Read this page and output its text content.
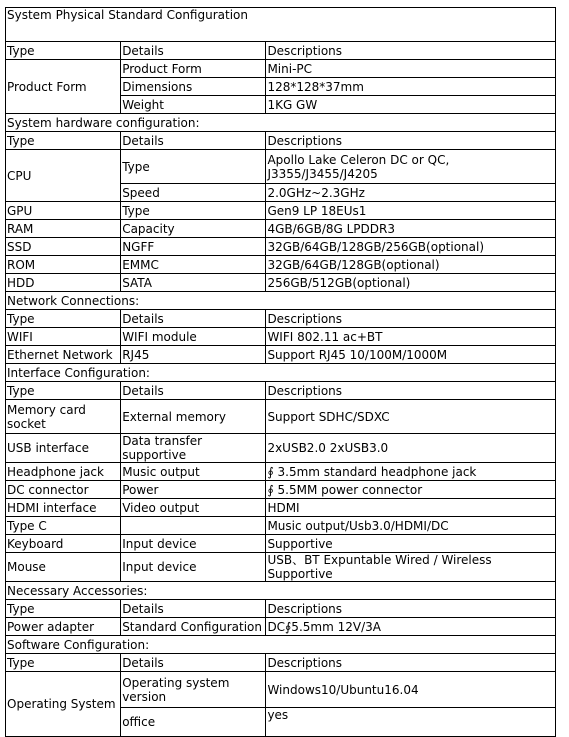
System Physical Standard Configuration		
Type	Details	Descriptions
Product Form	Product Form	Mini-PC
	Dimensions	128*128*37mm
	Weight	1KG GW
System hardware configuration:		
Type	Details	Descriptions
CPU	Type	Apollo Lake Celeron DC or QC, J3355/J3455/J4205
	Speed	2.0GHz~2.3GHz
GPU	Type	Gen9 LP 18EUs1
RAM	Capacity	4GB/6GB/8G LPDDR3
SSD	NGFF	32GB/64GB/128GB/256GB(optional)
ROM	EMMC	32GB/64GB/128GB(optional)
HDD	SATA	256GB/512GB(optional)
Network Connections:		
Type	Details	Descriptions
WIFI	WIFI module	WIFI 802.11 ac+BT
Ethernet Network	RJ45	Support RJ45 10/100M/1000M
Interface Configuration:		
Type	Details	Descriptions
Memory card socket	External memory	Support SDHC/SDXC
USB interface	Data transfer supportive	2xUSB2.0 2xUSB3.0
Headphone jack	Music output	∮ 3.5mm standard headphone jack
DC connector	Power	∮ 5.5MM power connector
HDMI interface	Video output	HDMI
Type C		Music output/Usb3.0/HDMI/DC
Keyboard	Input device	Supportive
Mouse	Input device	USB、BT Expuntable Wired / Wireless Supportive
Necessary Accessories:		
Type	Details	Descriptions
Power adapter	Standard Configuration	DC∮5.5mm 12V/3A
Software Configuration:		
Type	Details	Descriptions
Operating System	Operating system version	Windows10/Ubuntu16.04
	office	yes
